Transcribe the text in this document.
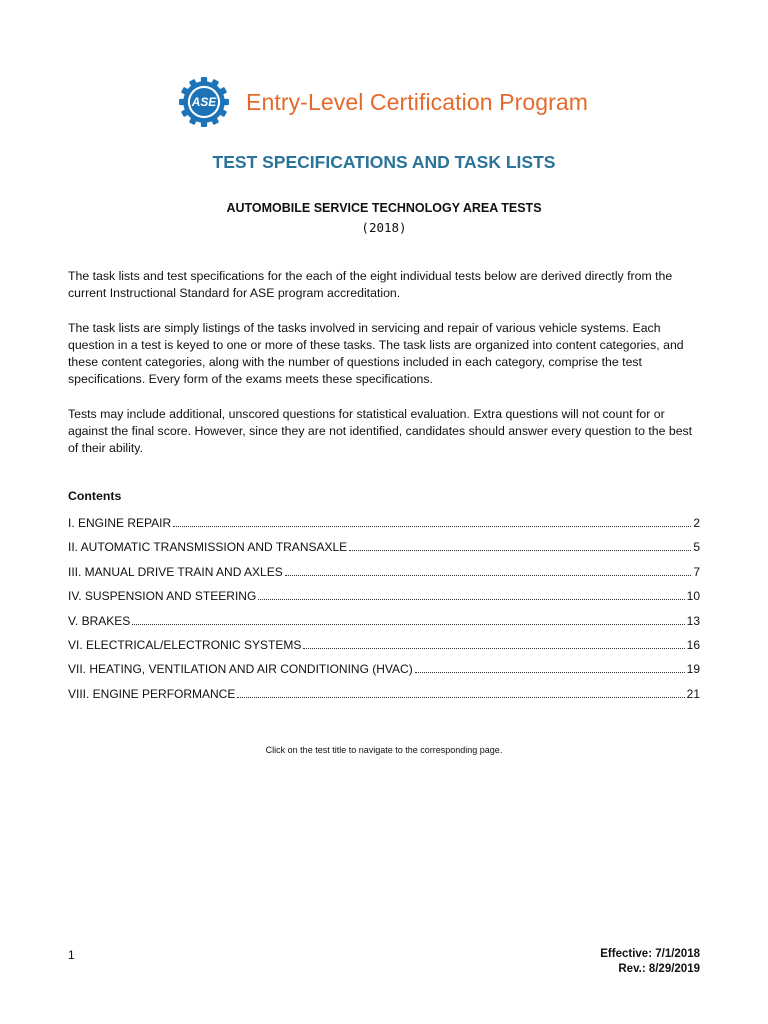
ASE Entry-Level Certification Program
TEST SPECIFICATIONS AND TASK LISTS
AUTOMOBILE SERVICE TECHNOLOGY AREA TESTS
(2018)

The task lists and test specifications for the each of the eight individual tests below are derived directly from the current Instructional Standard for ASE program accreditation.

The task lists are simply listings of the tasks involved in servicing and repair of various vehicle systems. Each question in a test is keyed to one or more of these tasks. The task lists are organized into content categories, and these content categories, along with the number of questions included in each category, comprise the test specifications. Every form of the exams meets these specifications.

Tests may include additional, unscored questions for statistical evaluation. Extra questions will not count for or against the final score. However, since they are not identified, candidates should answer every question to the best of their ability.

Contents
I. ENGINE REPAIR	2
II. AUTOMATIC TRANSMISSION AND TRANSAXLE	5
III. MANUAL DRIVE TRAIN AND AXLES	7
IV. SUSPENSION AND STEERING	10
V. BRAKES	13
VI. ELECTRICAL/ELECTRONIC SYSTEMS	16
VII. HEATING, VENTILATION AND AIR CONDITIONING (HVAC)	19
VIII. ENGINE PERFORMANCE	21
Click on the test title to navigate to the corresponding page.
1	Effective: 7/1/2018
Rev.: 8/29/2019
